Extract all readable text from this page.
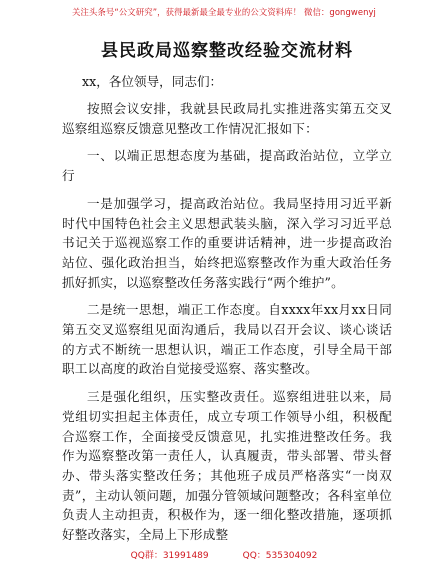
关注头条号“公文研究”，获得最新最全最专业的公文资料库！ 微信：gongwenyj
县民政局巡察整改经验交流材料
xx，各位领导，同志们：

按照会议安排，我就县民政局扎实推进落实第五交叉巡察组巡察反馈意见整改工作情况汇报如下：

一、以端正思想态度为基础，提高政治站位，立学立行

一是加强学习，提高政治站位。我局坚持用习近平新时代中国特色社会主义思想武装头脑，深入学习习近平总书记关于巡视巡察工作的重要讲话精神，进一步提高政治站位、强化政治担当，始终把巡察整改作为重大政治任务抓好抓实，以巡察整改任务落实践行“两个维护”。

二是统一思想，端正工作态度。自xxxx年xx月xx日同第五交叉巡察组见面沟通后，我局以召开会议、谈心谈话的方式不断统一思想认识，端正工作态度，引导全局干部职工以高度的政治自觉接受巡察、落实整改。

三是强化组织，压实整改责任。巡察组进驻以来，局党组切实担起主体责任，成立专项工作领导小组，积极配合巡察工作，全面接受反馈意见，扎实推进整改任务。我作为巡察整改第一责任人，认真履责，带头部署、带头督办、带头落实整改任务；其他班子成员严格落实“一岗双责”，主动认领问题，加强分管领域问题整改；各科室单位负责人主动担责，积极作为，逐一细化整改措施，逐项抓好整改落实，全局上下形成整

QQ群：31991489	QQ：535304092
